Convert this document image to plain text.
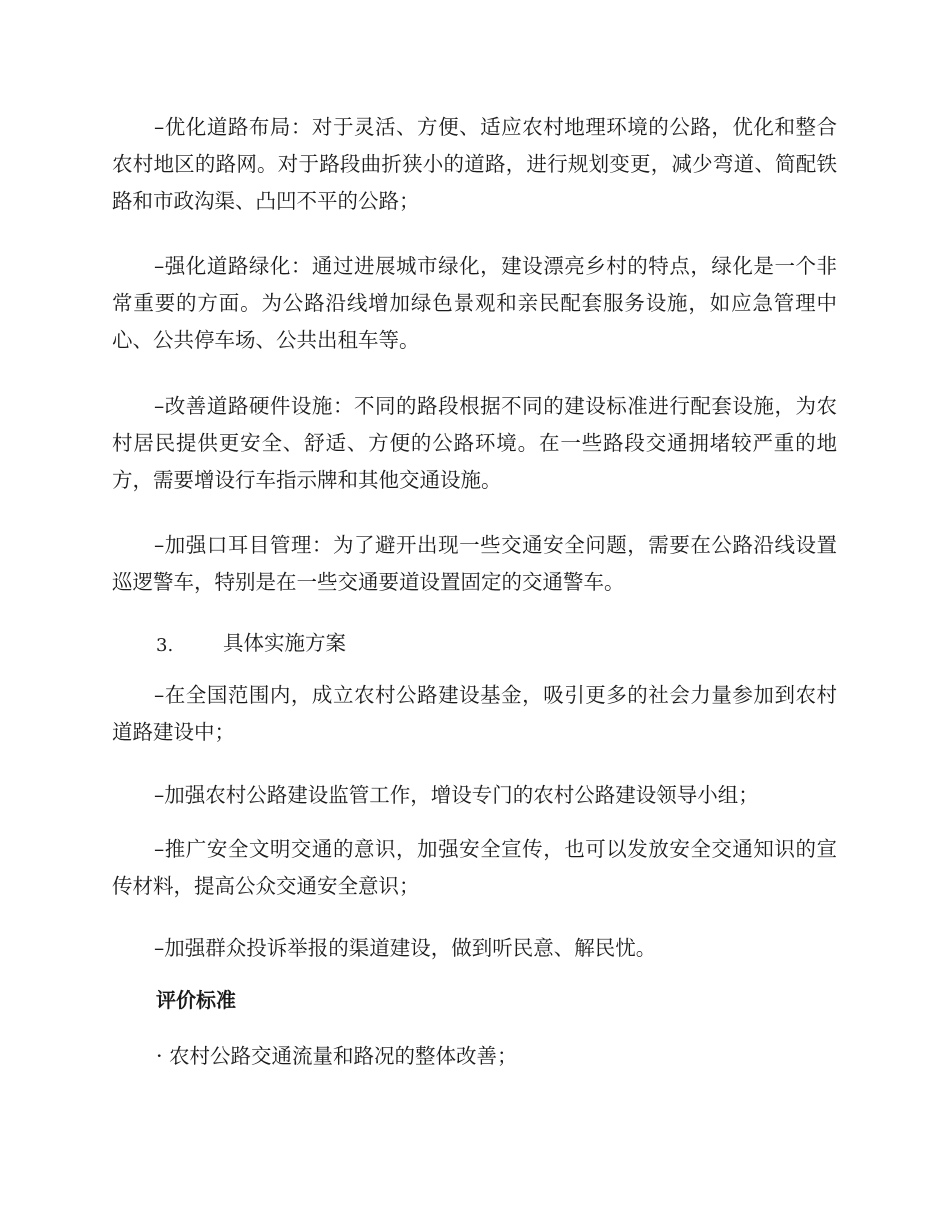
–优化道路布局：对于灵活、方便、适应农村地理环境的公路，优化和整合农村地区的路网。对于路段曲折狭小的道路，进行规划变更，减少弯道、简配铁路和市政沟渠、凸凹不平的公路；

–强化道路绿化：通过进展城市绿化，建设漂亮乡村的特点，绿化是一个非常重要的方面。为公路沿线增加绿色景观和亲民配套服务设施，如应急管理中心、公共停车场、公共出租车等。

–改善道路硬件设施：不同的路段根据不同的建设标准进行配套设施，为农村居民提供更安全、舒适、方便的公路环境。在一些路段交通拥堵较严重的地方，需要增设行车指示牌和其他交通设施。

–加强口耳目管理：为了避开出现一些交通安全问题，需要在公路沿线设置巡逻警车，特别是在一些交通要道设置固定的交通警车。

3. 具体实施方案

–在全国范围内，成立农村公路建设基金，吸引更多的社会力量参加到农村道路建设中；

–加强农村公路建设监管工作，增设专门的农村公路建设领导小组；

–推广安全文明交通的意识，加强安全宣传，也可以发放安全交通知识的宣传材料，提高公众交通安全意识；

–加强群众投诉举报的渠道建设，做到听民意、解民忧。

评价标准
· 农村公路交通流量和路况的整体改善；
